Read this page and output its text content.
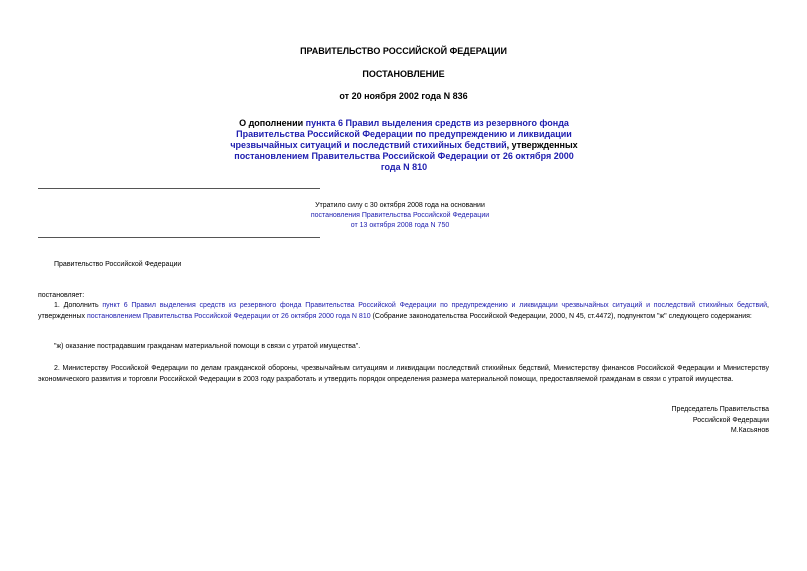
ПРАВИТЕЛЬСТВО РОССИЙСКОЙ ФЕДЕРАЦИИ
ПОСТАНОВЛЕНИЕ
от 20 ноября 2002 года N 836
О дополнении пункта 6 Правил выделения средств из резервного фонда Правительства Российской Федерации по предупреждению и ликвидации чрезвычайных ситуаций и последствий стихийных бедствий, утвержденных постановлением Правительства Российской Федерации от 26 октября 2000 года N 810
Утратило силу с 30 октября 2008 года на основании
постановления Правительства Российской Федерации
от 13 октября 2008 года N 750
Правительство Российской Федерации
постановляет:
1. Дополнить пункт 6 Правил выделения средств из резервного фонда Правительства Российской Федерации по предупреждению и ликвидации чрезвычайных ситуаций и последствий стихийных бедствий, утвержденных постановлением Правительства Российской Федерации от 26 октября 2000 года N 810 (Собрание законодательства Российской Федерации, 2000, N 45, ст.4472), подпунктом "ж" следующего содержания:
"ж) оказание пострадавшим гражданам материальной помощи в связи с утратой имущества".
2. Министерству Российской Федерации по делам гражданской обороны, чрезвычайным ситуациям и ликвидации последствий стихийных бедствий, Министерству финансов Российской Федерации и Министерству экономического развития и торговли Российской Федерации в 2003 году разработать и утвердить порядок определения размера материальной помощи, предоставляемой гражданам в связи с утратой имущества.
Председатель Правительства
Российской Федерации
М.Касьянов
